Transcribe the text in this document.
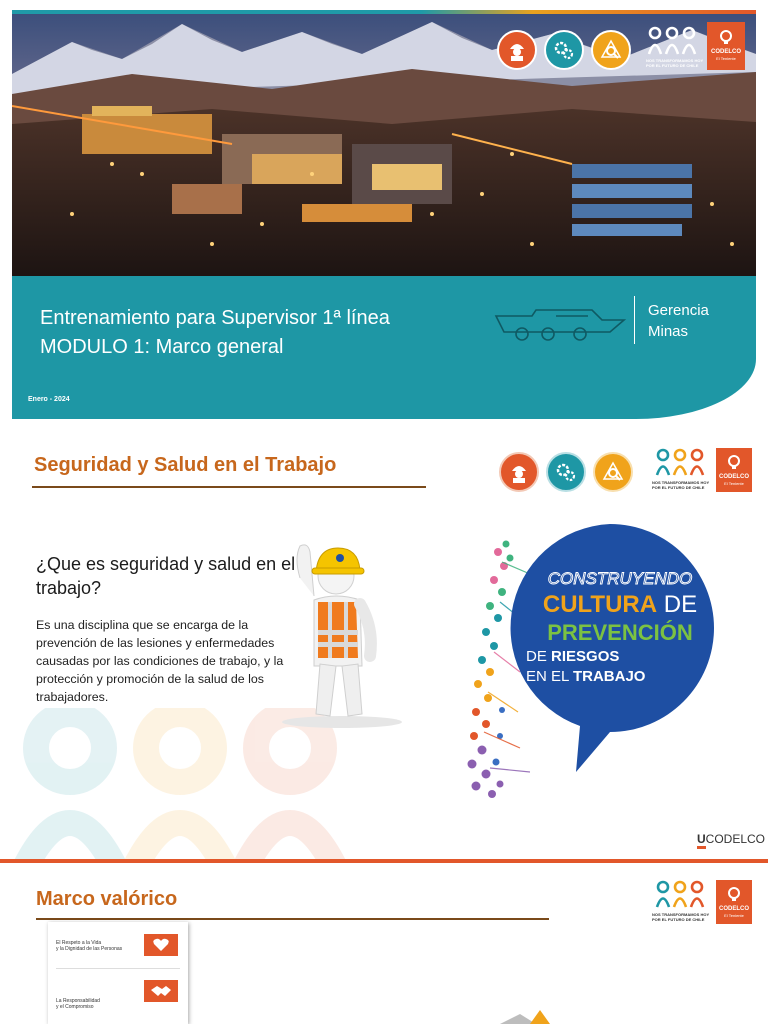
NOS TRANSFORMAMOS HOY
POR EL FUTURO DE CHILE
CODELCO
El Teniente
Entrenamiento para Supervisor 1ª línea
MODULO 1: Marco general
Gerencia
Minas
Enero - 2024
Seguridad y Salud en el Trabajo
NOS TRANSFORMAMOS HOY
POR EL FUTURO DE CHILE
CODELCO
El Teniente
¿Que es seguridad y salud en el trabajo?
Es una disciplina que se encarga de la prevención de las lesiones y enfermedades causadas por las condiciones de trabajo, y la protección y promoción de la salud de los trabajadores.
CONSTRUYENDO
CULTURA DE
PREVENCIÓN
DE RIESGOS
EN EL TRABAJO
UCODELCO
Marco valórico
NOS TRANSFORMAMOS HOY
POR EL FUTURO DE CHILE
CODELCO
El Teniente
El Respeto a la Vida
y la Dignidad de las Personas
La Responsabilidad
y el Compromiso
